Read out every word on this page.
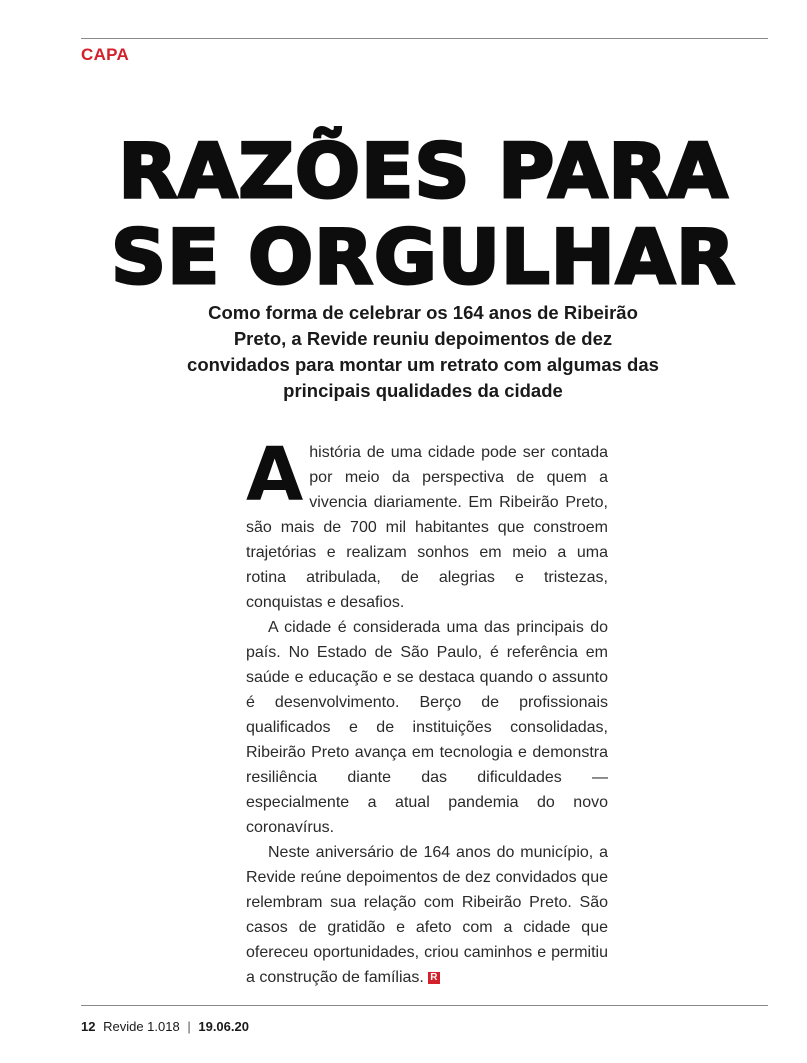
CAPA
RAZÕES PARA
SE ORGULHAR
Como forma de celebrar os 164 anos de Ribeirão Preto, a Revide reuniu depoimentos de dez convidados para montar um retrato com algumas das principais qualidades da cidade

Ahistória de uma cidade pode ser contada por meio da perspectiva de quem a vivencia diariamente. Em Ribeirão Preto, são mais de 700 mil habitantes que constroem trajetórias e realizam sonhos em meio a uma rotina atribulada, de alegrias e tristezas, conquistas e desafios.

A cidade é considerada uma das principais do país. No Estado de São Paulo, é referência em saúde e educação e se destaca quando o assunto é desenvolvimento. Berço de profissionais qualificados e de instituições consolidadas, Ribeirão Preto avança em tecnologia e demonstra resiliência diante das dificuldades — especialmente a atual pandemia do novo coronavírus.

Neste aniversário de 164 anos do município, a Revide reúne depoimentos de dez convidados que relembram sua relação com Ribeirão Preto. São casos de gratidão e afeto com a cidade que ofereceu oportunidades, criou caminhos e permitiu a construção de famílias. R

12 Revide 1.018 | 19.06.20
